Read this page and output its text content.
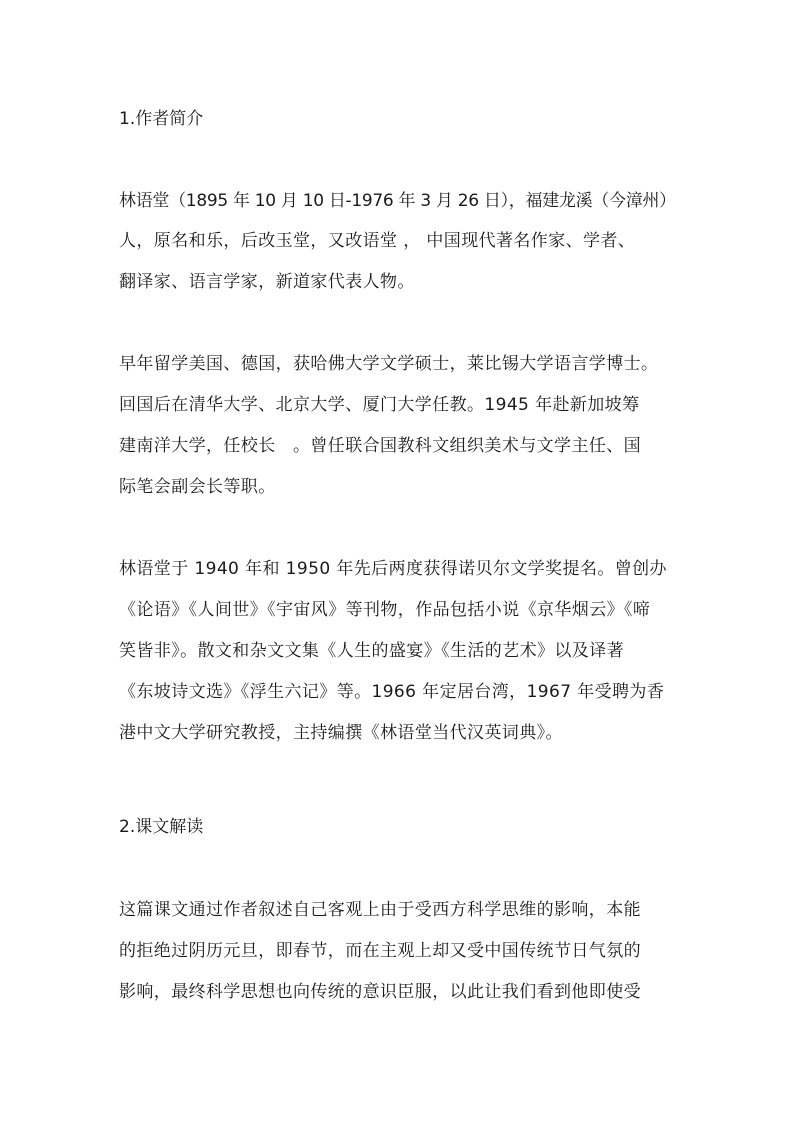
1.作者简介
林语堂（1895 年 10 月 10 日-1976 年 3 月 26 日），福建龙溪（今漳州）
人，原名和乐，后改玉堂，又改语堂 ， 中国现代著名作家、学者、
翻译家、语言学家，新道家代表人物。
早年留学美国、德国，获哈佛大学文学硕士，莱比锡大学语言学博士。
回国后在清华大学、北京大学、厦门大学任教。1945 年赴新加坡筹
建南洋大学，任校长　。曾任联合国教科文组织美术与文学主任、国
际笔会副会长等职。
林语堂于 1940 年和 1950 年先后两度获得诺贝尔文学奖提名。曾创办
《论语》《人间世》《宇宙风》等刊物，作品包括小说《京华烟云》《啼
笑皆非》。散文和杂文文集《人生的盛宴》《生活的艺术》以及译著
《东坡诗文选》《浮生六记》等。1966 年定居台湾，1967 年受聘为香
港中文大学研究教授，主持编撰《林语堂当代汉英词典》。
2.课文解读
这篇课文通过作者叙述自己客观上由于受西方科学思维的影响，本能
的拒绝过阴历元旦，即春节，而在主观上却又受中国传统节日气氛的
影响，最终科学思想也向传统的意识臣服，以此让我们看到他即使受
